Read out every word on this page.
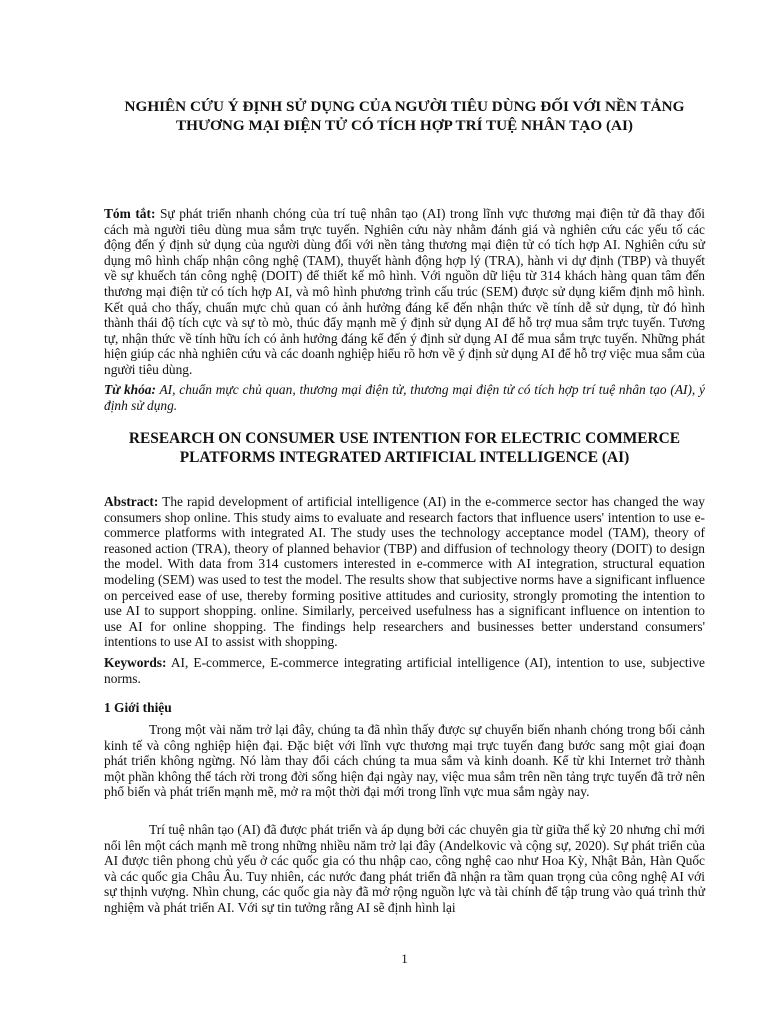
NGHIÊN CỨU Ý ĐỊNH SỬ DỤNG CỦA NGƯỜI TIÊU DÙNG ĐỐI VỚI NỀN TẢNG THƯƠNG MẠI ĐIỆN TỬ CÓ TÍCH HỢP TRÍ TUỆ NHÂN TẠO (AI)

Tóm tắt: Sự phát triển nhanh chóng của trí tuệ nhân tạo (AI) trong lĩnh vực thương mại điện tử đã thay đổi cách mà người tiêu dùng mua sắm trực tuyến. Nghiên cứu này nhằm đánh giá và nghiên cứu các yếu tố các động đến ý định sử dụng của người dùng đối với nền tảng thương mại điện tử có tích hợp AI. Nghiên cứu sử dụng mô hình chấp nhận công nghệ (TAM), thuyết hành động hợp lý (TRA), hành vi dự định (TBP) và thuyết về sự khuếch tán công nghệ (DOIT) để thiết kế mô hình. Với nguồn dữ liệu từ 314 khách hàng quan tâm đến thương mại điện tử có tích hợp AI, và mô hình phương trình cấu trúc (SEM) được sử dụng kiểm định mô hình. Kết quả cho thấy, chuẩn mực chủ quan có ảnh hưởng đáng kể đến nhận thức về tính dễ sử dụng, từ đó hình thành thái độ tích cực và sự tò mò, thúc đẩy mạnh mẽ ý định sử dụng AI để hỗ trợ mua sắm trực tuyến. Tương tự, nhận thức về tính hữu ích có ảnh hưởng đáng kể đến ý định sử dụng AI để mua sắm trực tuyến. Những phát hiện giúp các nhà nghiên cứu và các doanh nghiệp hiểu rõ hơn về ý định sử dụng AI để hỗ trợ việc mua sắm của người tiêu dùng.

Từ khóa: AI, chuẩn mực chủ quan, thương mại điện tử, thương mại điện tử có tích hợp trí tuệ nhân tạo (AI), ý định sử dụng.

RESEARCH ON CONSUMER USE INTENTION FOR ELECTRIC COMMERCE PLATFORMS INTEGRATED ARTIFICIAL INTELLIGENCE (AI)

Abstract: The rapid development of artificial intelligence (AI) in the e-commerce sector has changed the way consumers shop online. This study aims to evaluate and research factors that influence users' intention to use e-commerce platforms with integrated AI. The study uses the technology acceptance model (TAM), theory of reasoned action (TRA), theory of planned behavior (TBP) and diffusion of technology theory (DOIT) to design the model. With data from 314 customers interested in e-commerce with AI integration, structural equation modeling (SEM) was used to test the model. The results show that subjective norms have a significant influence on perceived ease of use, thereby forming positive attitudes and curiosity, strongly promoting the intention to use AI to support shopping. online. Similarly, perceived usefulness has a significant influence on intention to use AI for online shopping. The findings help researchers and businesses better understand consumers' intentions to use AI to assist with shopping.

Keywords: AI, E-commerce, E-commerce integrating artificial intelligence (AI), intention to use, subjective norms.

1 Giới thiệu

Trong một vài năm trở lại đây, chúng ta đã nhìn thấy được sự chuyển biến nhanh chóng trong bối cảnh kinh tế và công nghiệp hiện đại. Đặc biệt với lĩnh vực thương mại trực tuyến đang bước sang một giai đoạn phát triển không ngừng. Nó làm thay đổi cách chúng ta mua sắm và kinh doanh. Kể từ khi Internet trở thành một phần không thể tách rời trong đời sống hiện đại ngày nay, việc mua sắm trên nền tảng trực tuyến đã trở nên phổ biến và phát triển mạnh mẽ, mở ra một thời đại mới trong lĩnh vực mua sắm ngày nay.

Trí tuệ nhân tạo (AI) đã được phát triển và áp dụng bởi các chuyên gia từ giữa thế kỷ 20 nhưng chỉ mới nổi lên một cách mạnh mẽ trong những nhiều năm trở lại đây (Andelkovic và cộng sự, 2020). Sự phát triển của AI được tiên phong chủ yếu ở các quốc gia có thu nhập cao, công nghệ cao như Hoa Kỳ, Nhật Bản, Hàn Quốc và các quốc gia Châu Âu. Tuy nhiên, các nước đang phát triển đã nhận ra tầm quan trọng của công nghệ AI với sự thịnh vượng. Nhìn chung, các quốc gia này đã mở rộng nguồn lực và tài chính để tập trung vào quá trình thử nghiệm và phát triển AI. Với sự tin tưởng rằng AI sẽ định hình lại

1
